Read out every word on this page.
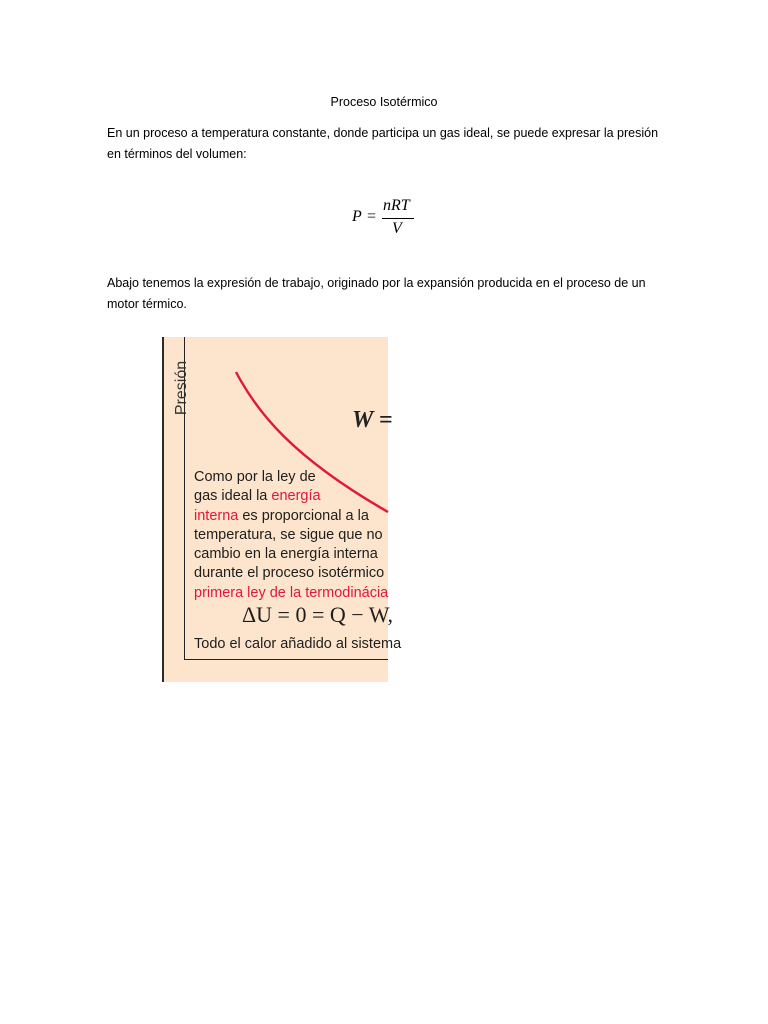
Proceso Isotérmico
En un proceso a temperatura constante, donde participa un gas ideal, se puede expresar la presión en términos del volumen:
P =
nRT
V
Abajo tenemos la expresión de trabajo, originado por la expansión producida en el proceso de un motor térmico.
Presión
W =
Como por la ley de
gas ideal la energía
interna es proporcional a la
temperatura, se sigue que no
cambio en la energía interna
durante el proceso isotérmico
primera ley de la termodinácia
ΔU = 0 = Q − W,
Todo el calor añadido al sistema
